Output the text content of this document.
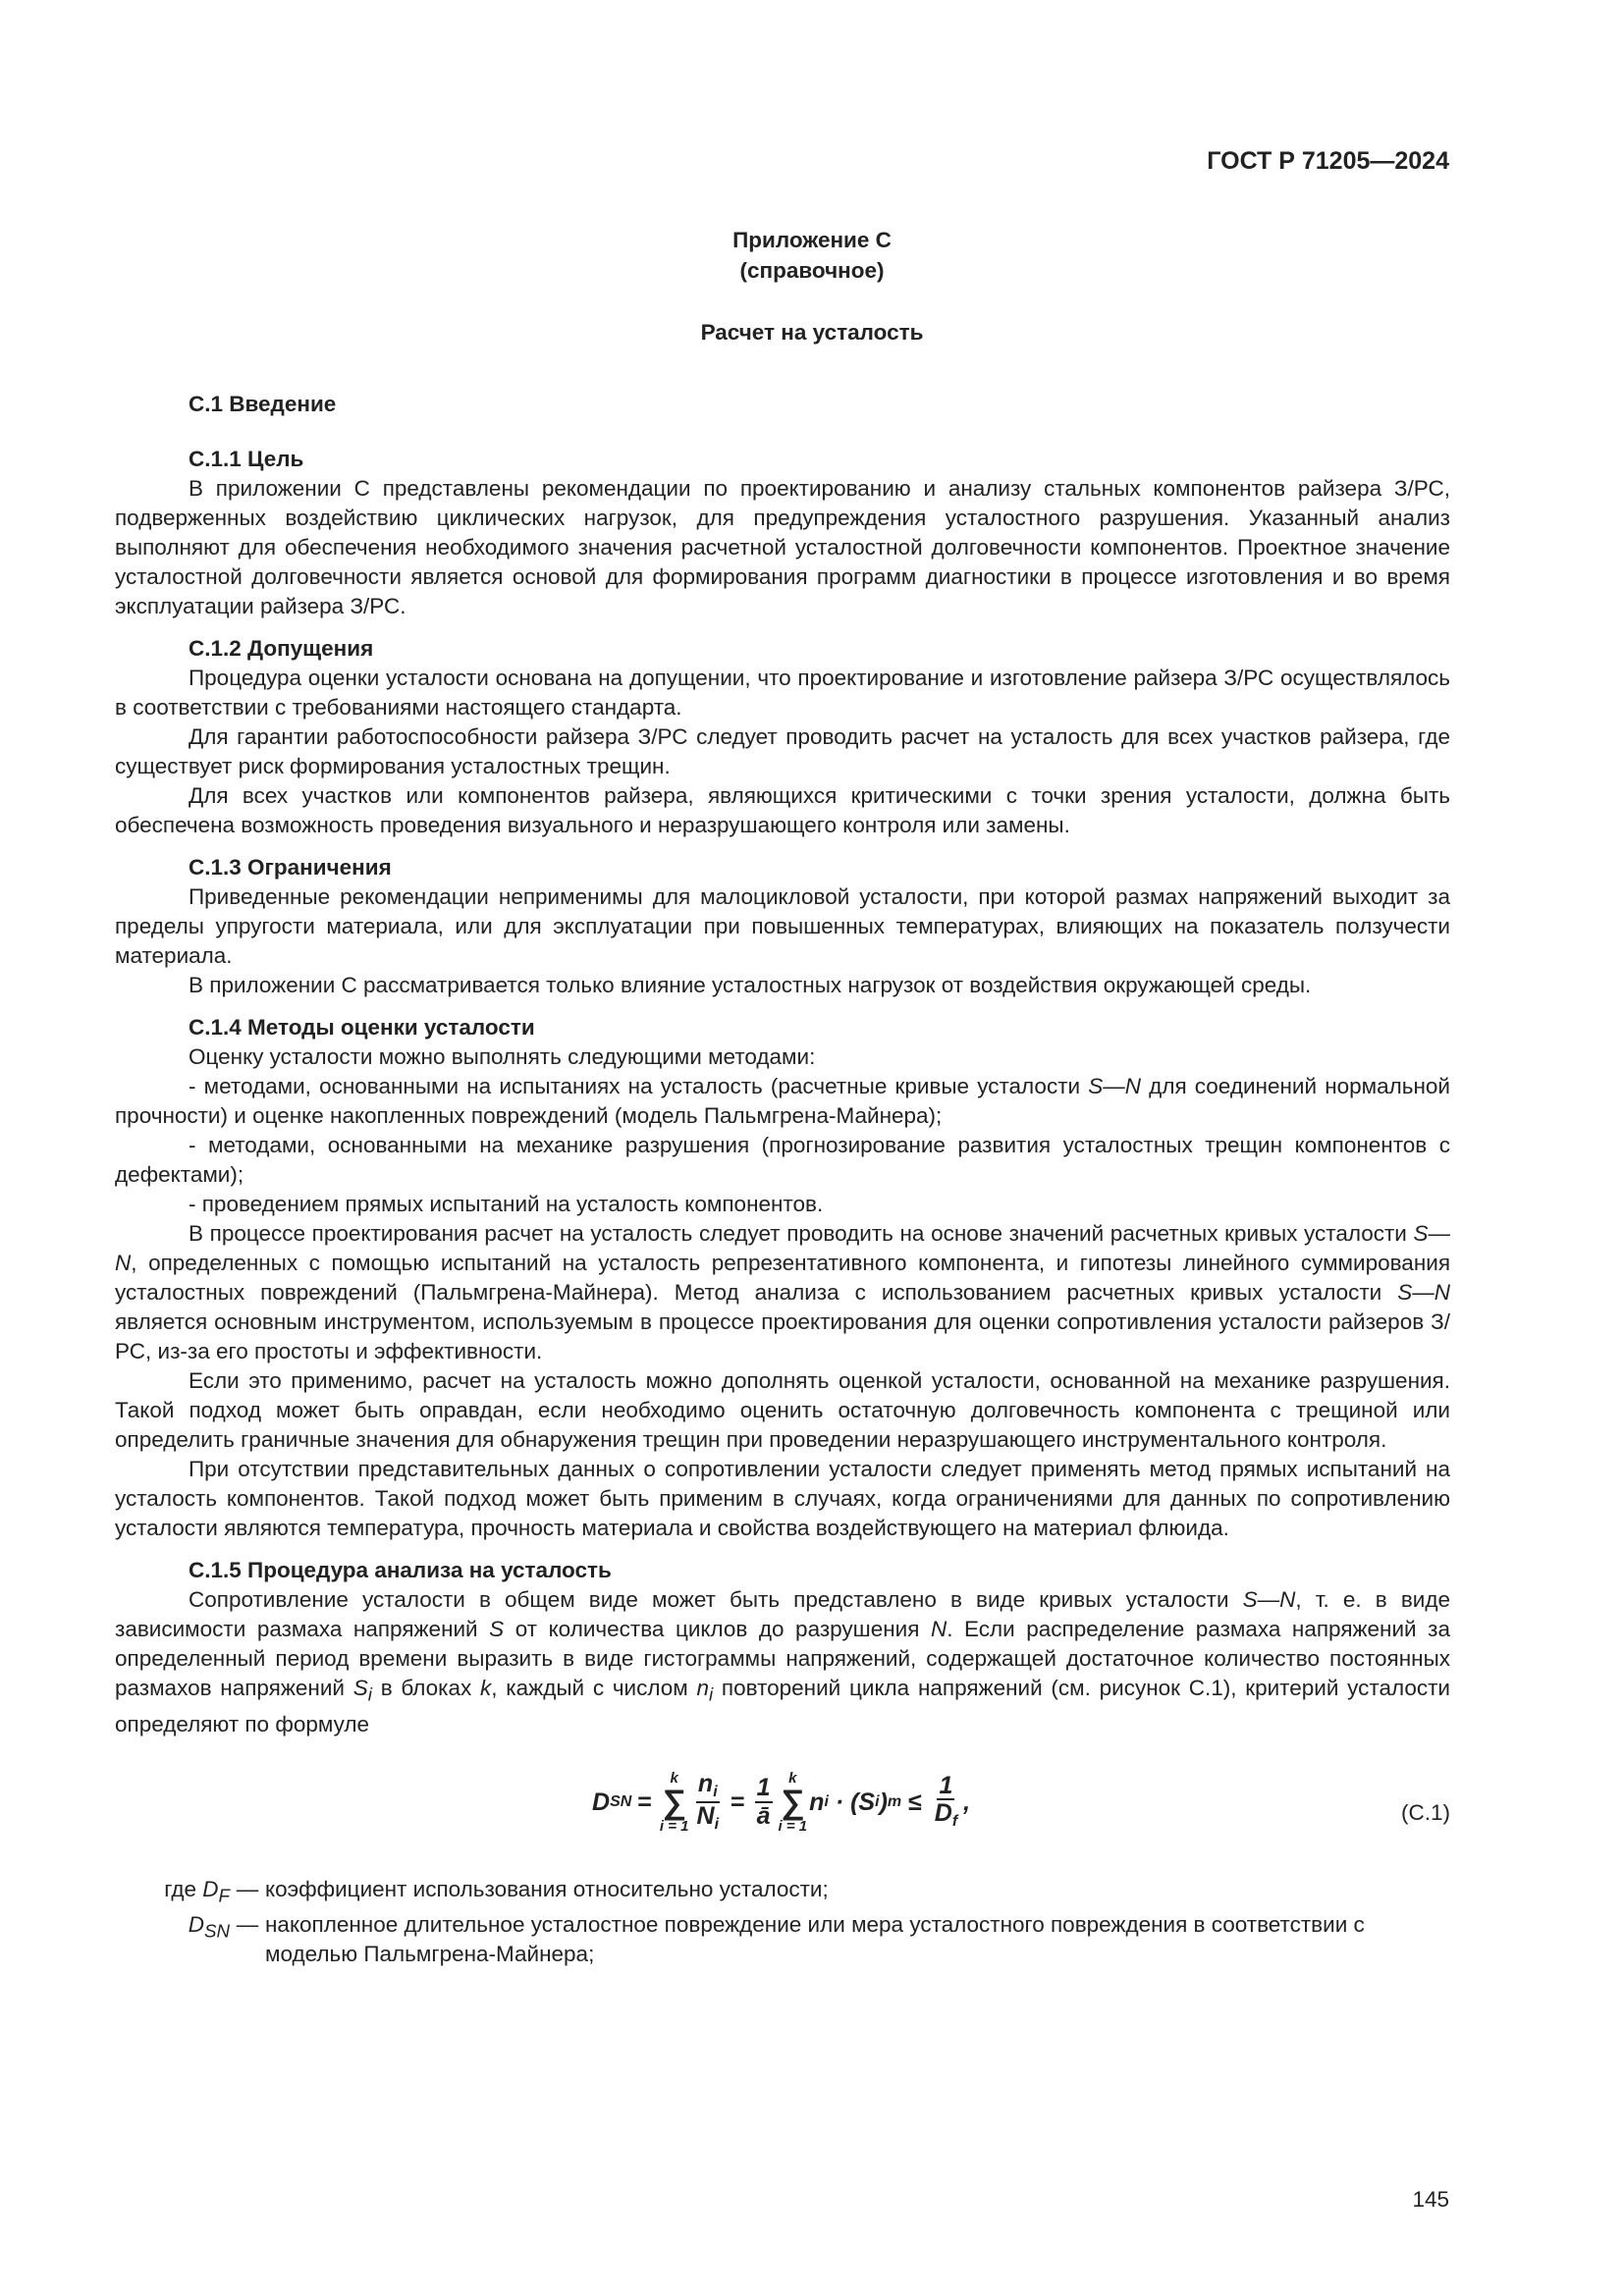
ГОСТ Р 71205—2024
Приложение С
(справочное)
Расчет на усталость

С.1 Введение

С.1.1 Цель

В приложении С представлены рекомендации по проектированию и анализу стальных компонентов райзера З/РС, подверженных воздействию циклических нагрузок, для предупреждения усталостного разрушения. Указанный анализ выполняют для обеспечения необходимого значения расчетной усталостной долговечности компонентов. Проектное значение усталостной долговечности является основой для формирования программ диагностики в процессе изготовления и во время эксплуатации райзера З/РС.

С.1.2 Допущения

Процедура оценки усталости основана на допущении, что проектирование и изготовление райзера З/РС осуществлялось в соответствии с требованиями настоящего стандарта.

Для гарантии работоспособности райзера З/РС следует проводить расчет на усталость для всех участков райзера, где существует риск формирования усталостных трещин.

Для всех участков или компонентов райзера, являющихся критическими с точки зрения усталости, должна быть обеспечена возможность проведения визуального и неразрушающего контроля или замены.

С.1.3 Ограничения

Приведенные рекомендации неприменимы для малоцикловой усталости, при которой размах напряжений выходит за пределы упругости материала, или для эксплуатации при повышенных температурах, влияющих на показатель ползучести материала.

В приложении С рассматривается только влияние усталостных нагрузок от воздействия окружающей среды.

С.1.4 Методы оценки усталости

Оценку усталости можно выполнять следующими методами:

- методами, основанными на испытаниях на усталость (расчетные кривые усталости S—N для соединений нормальной прочности) и оценке накопленных повреждений (модель Пальмгрена-Майнера);

- методами, основанными на механике разрушения (прогнозирование развития усталостных трещин компонентов с дефектами);

- проведением прямых испытаний на усталость компонентов.

В процессе проектирования расчет на усталость следует проводить на основе значений расчетных кривых усталости S—N, определенных с помощью испытаний на усталость репрезентативного компонента, и гипотезы линейного суммирования усталостных повреждений (Пальмгрена-Майнера). Метод анализа с использованием расчетных кривых усталости S—N является основным инструментом, используемым в процессе проектирования для оценки сопротивления усталости райзеров З/РС, из-за его простоты и эффективности.

Если это применимо, расчет на усталость можно дополнять оценкой усталости, основанной на механике разрушения. Такой подход может быть оправдан, если необходимо оценить остаточную долговечность компонента с трещиной или определить граничные значения для обнаружения трещин при проведении неразрушающего инструментального контроля.

При отсутствии представительных данных о сопротивлении усталости следует применять метод прямых испытаний на усталость компонентов. Такой подход может быть применим в случаях, когда ограничениями для данных по сопротивлению усталости являются температура, прочность материала и свойства воздействующего на материал флюида.

С.1.5 Процедура анализа на усталость

Сопротивление усталости в общем виде может быть представлено в виде кривых усталости S—N, т. е. в виде зависимости размаха напряжений S от количества циклов до разрушения N. Если распределение размаха напряжений за определенный период времени выразить в виде гистограммы напряжений, содержащей достаточное количество постоянных размахов напряжений $S_i$ в блоках k, каждый с числом $n_i$ повторений цикла напряжений (см. рисунок С.1), критерий усталости определяют по формуле

D SN =
k
∑
$i = 1 \frac{n_i}{N_i} = \frac{1}{ā}$ k
∑
i = 1
n i · (S i ) $m \le \frac{1}{D_f}$ ,	(С.1)
где $D_F$ — коэффициент использования относительно усталости;
$D_{SN}$ — накопленное длительное усталостное повреждение или мера усталостного повреждения в соответствии с моделью Пальмгрена-Майнера;
145
